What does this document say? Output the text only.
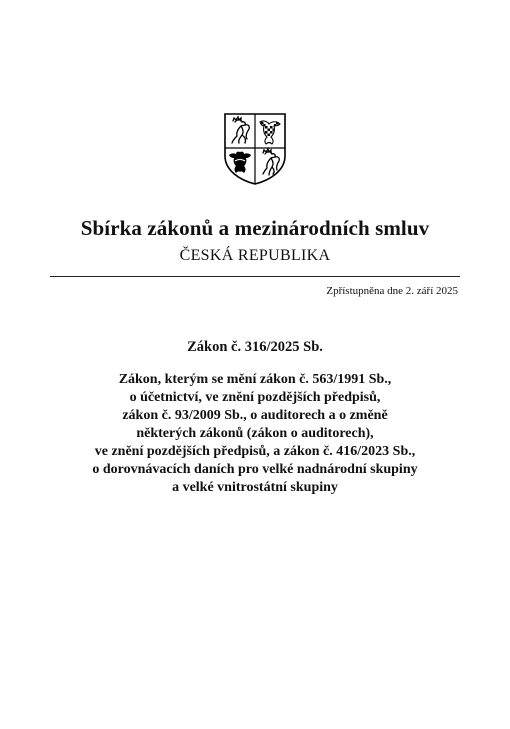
Sbírka zákonů a mezinárodních smluv
ČESKÁ REPUBLIKA
Zpřístupněna dne 2. září 2025
Zákon č. 316/2025 Sb.
Zákon, kterým se mění zákon č. 563/1991 Sb.,
o účetnictví, ve znění pozdějších předpisů,
zákon č. 93/2009 Sb., o auditorech a o změně
některých zákonů (zákon o auditorech),
ve znění pozdějších předpisů, a zákon č. 416/2023 Sb.,
o dorovnávacích daních pro velké nadnárodní skupiny
a velké vnitrostátní skupiny
